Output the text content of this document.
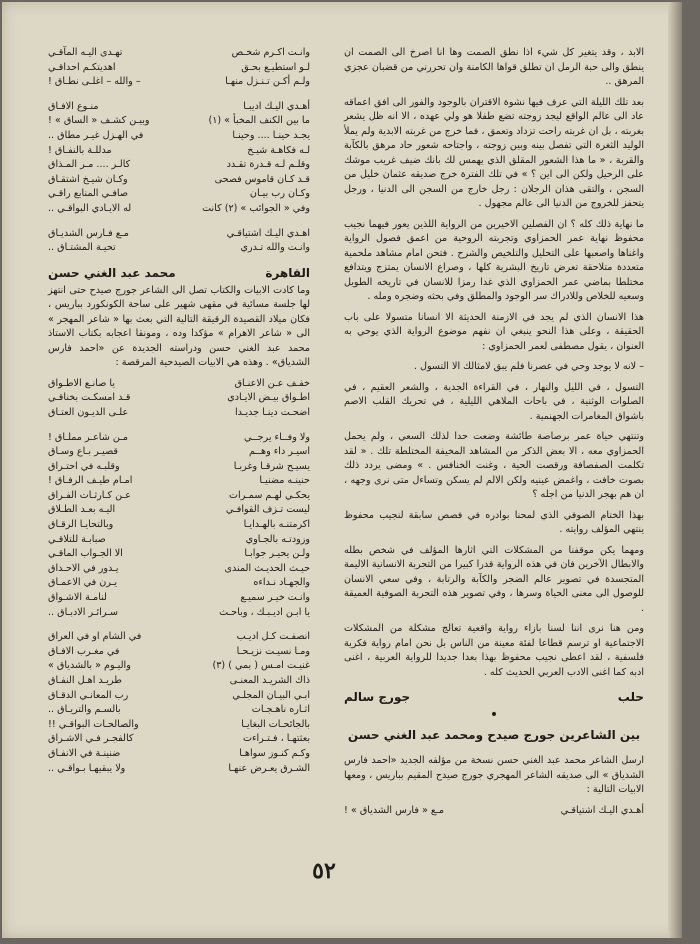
الابد ، وقد يتغير كل شيء اذا نطق الصمت وها انا اصرخ الى الصمت ان ينطق والى حبة الرمل ان تطلق قواها الكامنة وان تحررني من قضبان عجزي المرهق ..

بعد تلك الليلة التي عرف فيها نشوة الاقتران بالوجود والفور الى افق اعماقه عاد الى عالم الواقع ليجد زوجته تضع طفلا هو ولي عهده ، الا انه ظل يشعر بغربته ، بل ان غربته راحت تزداد وتعمق ، فما خرج من غربته الابدية ولم يملأ الوليد الثغرة التي تفصل بينه وبين زوجته ، واجتاحه شعور حاد مرهق بالكآبة والقربة ، « ما هذا الشعور المقلق الذي يهمس لك بانك ضيف غريب موشك على الرحيل ولكن الى اين ؟ » في تلك الفترة خرج صديقه عثمان خليل من السجن ، والتقى هذان الرجلان : رجل خارج من السجن الى الدنيا ، ورجل يتحفز للخروج من الدنيا الى عالم مجهول .

ما نهاية ذلك كله ؟ ان الفصلين الاخيرين من الرواية اللذين يعور فيهما نجيب محفوظ نهاية عمر الحمزاوي وتجربته الروحية من اعمق فصول الرواية واغناها واصعبها على التحليل والتلخيص والشرح . فتحن امام مشاهد ملحمية متعددة متلاحقة تعرض تاريخ البشرية كلها ، وصراع الانسان يمتزج ويتدافع مختلطا بماضي عمر الحمزاوي الذي غدا رمزا للانسان في تاريخه الطويل وسعيه للخلاص وللادراك سر الوجود والمطلق وفي بحثه وضجره ومله .

هذا الانسان الذي لم يجد في الازمنة الحديثة الا انسانا متسولا على باب الحقيقة ، وعلى هذا النحو ينبغي ان نفهم موضوع الرواية الذي يوحي به العنوان ، يقول مصطفى لعمر الحمزاوي :

– لانه لا يوجد وحي في عصرنا فلم يبق لامثالك الا التسول .

التسول ، في الليل والنهار ، في القراءة الجدية ، والشعر العقيم ، في الصلوات الوثنية ، في باحات الملاهي الليلية ، في تحريك القلب الاصم باشواق المغامرات الجهنمية .

وتنتهي حياة عمر برصاصة طائشة وضعت حدا لذلك السعي ، ولم يحمل الحمزاوي معه ، الا بعض الذكر من المشاهد المخيفة المختلطة تلك . « لقد تكلمت الصفصافة ورقصت الحية ، وغنت الخنافس . » ومضى يردد ذلك بصوت خافت ، واغمض عينيه ولكن الالم لم يسكن وتساءل متى نرى وجهه ، ان هم بهجر الدنيا من اجله ؟

بهذا الختام الصوفي الذي لمحنا بوادره في فصص سابقة لنجيب محفوظ ينتهي المؤلف روايته .

ومهما يكن موقفنا من المشكلات التي اثارها المؤلف في شخص بطله والابطال الآخرين فان في هذه الرواية قدرا كبيرا من التجربة الانسانية الاليمة المتجسدة في تصوير عالم الضجر والكآبة والرتابة ، وفي سعي الانسان للوصول الى معنى الحياة وسرها ، وفي تصوير هذه التجربة الصوفية العميقة .

ومن هنا نرى اننا لسنا بازاء رواية واقعية تعالج مشكلة من المشكلات الاجتماعية او ترسم قطاعا لفئة معينة من الناس بل نحن امام رواية فكرية فلسفية ، لقد اعطى نجيب محفوظ بهذا بعدا جديدا للرواية العربية ، اغنى ادبه كما اغنى الادب العربي الحديث كله .

حلب
جورج سالم
•
بين الشاعرين جورج صيدح ومحمد عبد الغني حسن

ارسل الشاعر محمد عبد الغني حسن نسخة من مؤلفه الجديد «احمد فارس الشدياق » الى صديقه الشاعر المهجري جورج صيدح المقيم بباريس ، ومعها الابيات التالية :

أهـدي اليـك اشتياقـي
مـع « فارس الشدياق » !
وانـت اكـرم شخـص
تهـدى اليـه المآقـي
لـو استطيـع بحـق
اهديتكـم احداقـي
ولـم أكـن تـنـزل منهـا
– والله – اغلـى نطـاق !
أهـدي اليـك اديبـا
منـوع الافـاق
ما بين الكنف المخبأ » (١)
وبيـن كشـف « الساق » !
يجـد حينـا .... وحينـا
في الهـزل غيـر مطاق ..
لـه فكاهـة شيـخ
مدللـة بالنفـاق !
وقلـم لـه قـدرة تقـدد
كالـر .... مـر المـذاق
قـد كـان قاموس فصحى
وكـان شيـخ اشتقـاق
وكـان رب بيـان
صافـي المنابع راقـي
وفي « الجوائب » (٢) كانت
له الايـادي البواقـي ..
اهـدي اليـك اشتياقـي
مـع فـارس الشديـاق
وانـت والله تـدري
تحيـة المشتـاق ..
القاهرة
محمد عبد الغني حسن

وما كادت الابيات والكتاب تصل الى الشاعر جورج صيدح حتى انتهز لها جلسة مسائية في مقهى شهير على ساحة الكونكورد بباريس ، فكان ميلاد القصيدة الرقيقة التالية التي بعث بها « شاعر المهجر » الى « شاعر الاهرام » مؤكدا وده ، ومونقا اعجابه بكتاب الاستاذ محمد عبد الغني حسن ودراسته الجديدة عن «احمد فارس الشدياق» . وهذه هي الابيات الصيدحية المرقصة :

خفـف عـن الاعنـاق
يا صانـع الاطـواق
اطـواق بيـض الايـادي
قـد امسكـت بخناقـي
اضحـت دينـا جديـدا
علـى الديـون العتـاق
ولا وفــاء يرجــي
مـن شاعـر مملـاق !
اسيـر داء وهــم
قصيـر بـاع وسـاق
يسيـح شرقـا وغربـا
وقلبـه في احتـراق
حنينـه مضنيـا
امـام طيـف الرفـاق !
يحكـي لهـم سمـرات
عـن كـارثـات الفـراق
ليست تـزف القوافـي
اليـه بعـد الطـلاق
اكرمتنـه بالهـدايـا
وبالتحايـا الرقـاق
وزودتـه بالجـاوي
صبابـة للتلاقـي
ولـن يحيـر جوابـا
الا الجـواب الماقـي
حيـث الحديـث المندى
يـدور في الاحـداق
والجهـاد نـداءه
يـرن في الاعمـاق
وانـت خيـر سميـع
لنامـة الاشـواق
يا ابـن اديـبـك ، وباحـث
سـرائـر الادبـاق ..
انصفـت كـل اديـب
في الشام او في العراق
ومـا نسيـت نزيـحـا
في مغـرب الافـاق
غنيـت امـس ( بمي ) (٣)
واليـوم « بالشدياق »
ذاك الشريـد المعنـى
طريـد اهـل النفـاق
ابـي البيـان المجلـي
رب المعانـي الدقـاق
اثـاره ناهـجـات
بالسـم والتريـاق ..
بالجائحـات البغايـا
والصالحـات البواقـي !!
بعثتهـا ، فـتـراءت
كالفجـر فـي الاشـراق
وكـم كنـوز سواهـا
ضنينـة في الانفـاق
الشـرق يعـرض عنهـا
ولا يبقيهـا بـواقـي ..
٥٢
